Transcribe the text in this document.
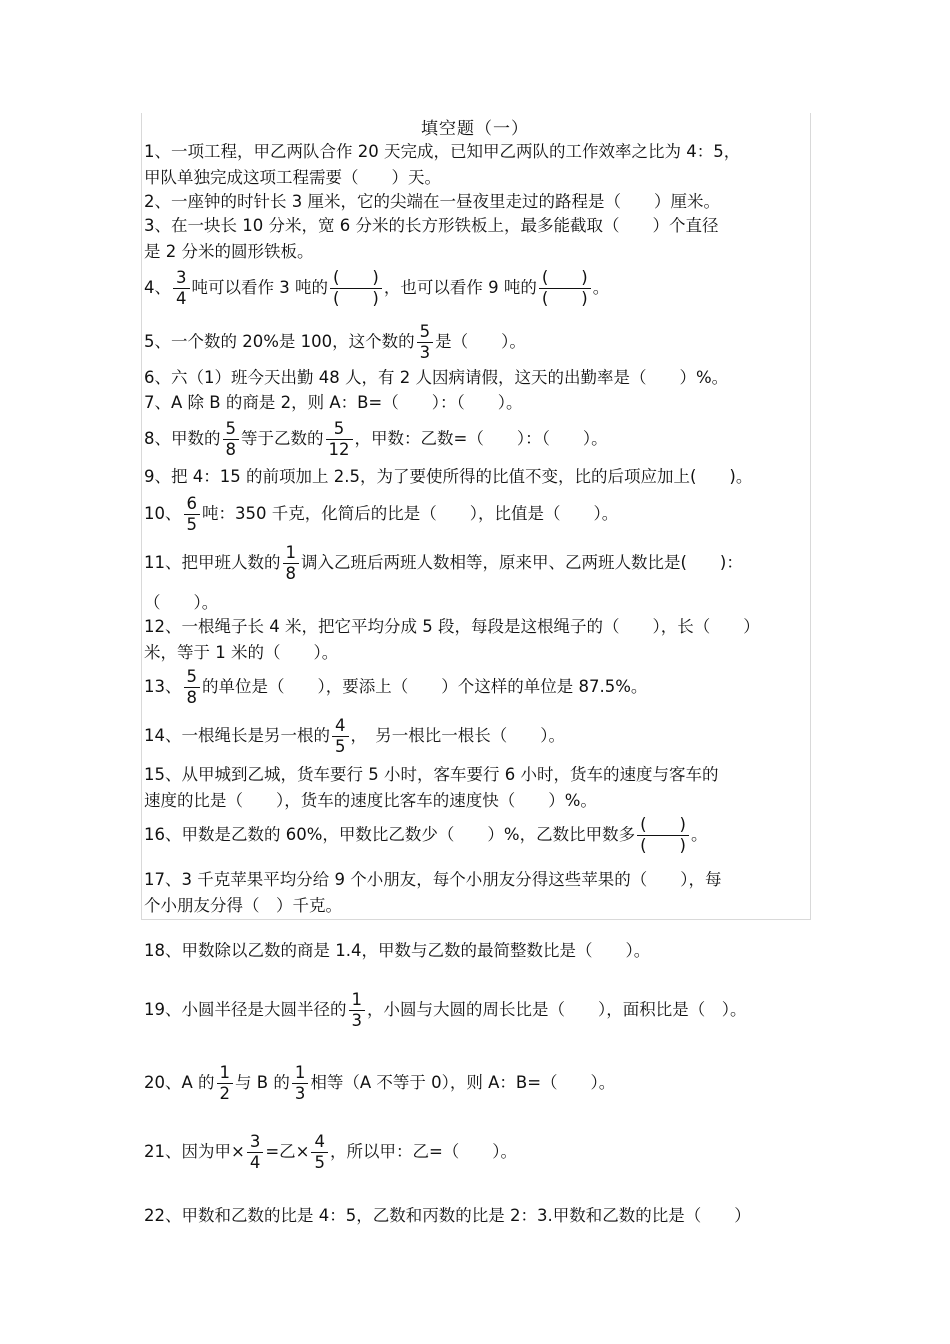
填空题（一）
1、一项工程，甲乙两队合作 20 天完成，已知甲乙两队的工作效率之比为 4：5，
甲队单独完成这项工程需要（　　）天。
2、一座钟的时针长 3 厘米，它的尖端在一昼夜里走过的路程是（　　）厘米。
3、在一块长 10 分米，宽 6 分米的长方形铁板上，最多能截取（　　）个直径
是 2 分米的圆形铁板。
4、 $\frac{3}{4}$ 吨可以看作 3 吨的 $\frac{( )}{( )}$ ，也可以看作 9 吨的 $\frac{( )}{( )}$ 。
5、一个数的 20%是 100，这个数的 $\frac{5}{3}$ 是（　　）。
6、六（1）班今天出勤 48 人，有 2 人因病请假，这天的出勤率是（　　）%。
7、A 除 B 的商是 2，则 A：B=（　　）：（　　）。
8、甲数的 $\frac{5}{8}$ 等于乙数的 $\frac{5}{12}$ ，甲数：乙数=（　　）：（　　）。
9、把 4：15 的前项加上 2.5，为了要使所得的比值不变，比的后项应加上(　　)。
10、 $\frac{6}{5}$ 吨：350 千克，化简后的比是（　　），比值是（　　）。
11、把甲班人数的 $\frac{1}{8}$ 调入乙班后两班人数相等，原来甲、乙两班人数比是(　　)：
（　　）。
12、一根绳子长 4 米，把它平均分成 5 段，每段是这根绳子的（　　），长（　　）
米，等于 1 米的（　　）。
13、 $\frac{5}{8}$ 的单位是（　　），要添上（　　）个这样的单位是 87.5%。
14、一根绳长是另一根的 $\frac{4}{5}$ ，　另一根比一根长（　　）。
15、从甲城到乙城，货车要行 5 小时，客车要行 6 小时，货车的速度与客车的
速度的比是（　　），货车的速度比客车的速度快（　　）%。
16、甲数是乙数的 60%，甲数比乙数少（　　）%，乙数比甲数多 $\frac{( )}{( )}$ 。
17、3 千克苹果平均分给 9 个小朋友，每个小朋友分得这些苹果的（　　），每
个小朋友分得（　）千克。
18、甲数除以乙数的商是 1.4，甲数与乙数的最简整数比是（　　）。
19、小圆半径是大圆半径的 $\frac{1}{3}$ ，小圆与大圆的周长比是（　　），面积比是（　）。
20、A 的 $\frac{1}{2}$ 与 B 的 $\frac{1}{3}$ 相等（A 不等于 0），则 A：B=（　　）。
21、因为甲× $\frac{3}{4}$ =乙× $\frac{4}{5}$ ，所以甲：乙=（　　）。
22、甲数和乙数的比是 4：5，乙数和丙数的比是 2：3.甲数和乙数的比是（　　）
